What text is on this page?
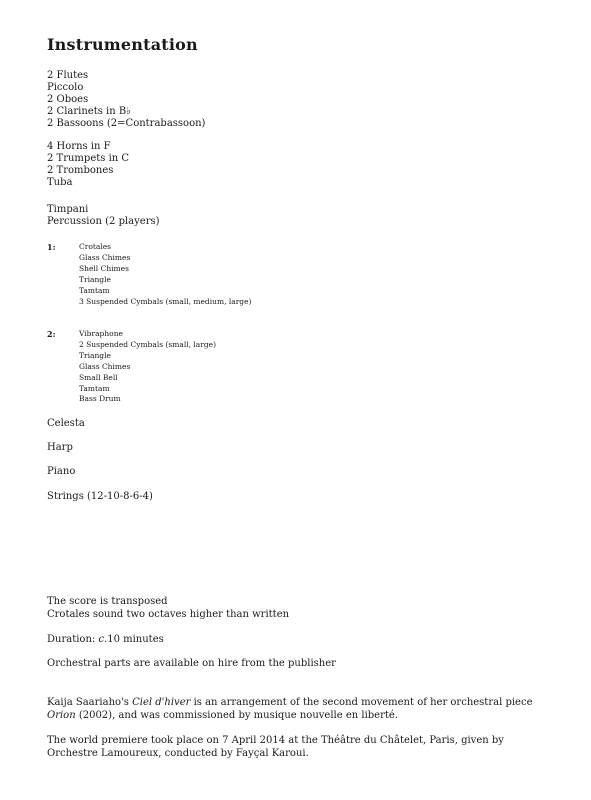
Instrumentation
2 Flutes
Piccolo
2 Oboes
2 Clarinets in B♭
2 Bassoons (2=Contrabassoon)
4 Horns in F
2 Trumpets in C
2 Trombones
Tuba
Timpani
Percussion (2 players)
1:	Crotales
Glass Chimes
Shell Chimes
Triangle
Tamtam
3 Suspended Cymbals (small, medium, large)
2:	Vibraphone
2 Suspended Cymbals (small, large)
Triangle
Glass Chimes
Small Bell
Tamtam
Bass Drum
Celesta
Harp
Piano
Strings (12-10-8-6-4)

The score is transposed

Crotales sound two octaves higher than written

Duration: c.10 minutes
Orchestral parts are available on hire from the publisher

Kaija Saariaho's Ciel d'hiver is an arrangement of the second movement of her orchestral piece Orion (2002), and was commissioned by musique nouvelle en liberté.

The world premiere took place on 7 April 2014 at the Théâtre du Châtelet, Paris, given by Orchestre Lamoureux, conducted by Fayçal Karoui.
